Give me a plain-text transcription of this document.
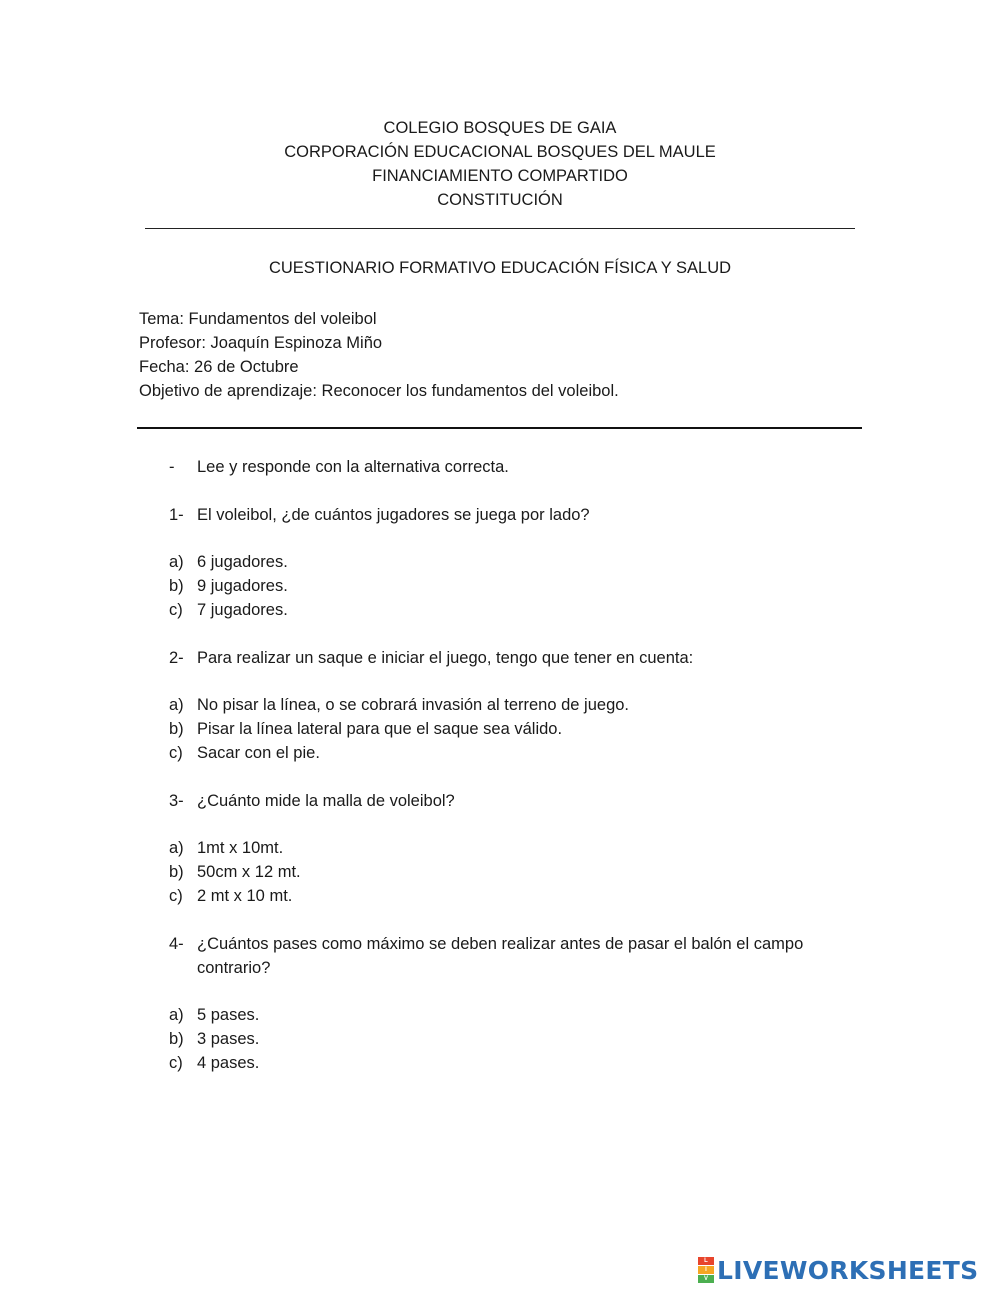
COLEGIO BOSQUES DE GAIA
CORPORACIÓN EDUCACIONAL BOSQUES DEL MAULE
FINANCIAMIENTO COMPARTIDO
CONSTITUCIÓN
CUESTIONARIO FORMATIVO EDUCACIÓN FÍSICA Y SALUD
Tema: Fundamentos del voleibol
Profesor: Joaquín Espinoza Miño
Fecha: 26 de Octubre
Objetivo de aprendizaje: Reconocer los fundamentos del voleibol.
- Lee y responde con la alternativa correcta.
1- El voleibol, ¿de cuántos jugadores se juega por lado?
a) 6 jugadores.
b) 9 jugadores.
c) 7 jugadores.
2- Para realizar un saque e iniciar el juego, tengo que tener en cuenta:
a) No pisar la línea, o se cobrará invasión al terreno de juego.
b) Pisar la línea lateral para que el saque sea válido.
c) Sacar con el pie.
3- ¿Cuánto mide la malla de voleibol?
a) 1mt x 10mt.
b) 50cm x 12 mt.
c) 2 mt x 10 mt.
4- ¿Cuántos pases como máximo se deben realizar antes de pasar el balón el campo contrario?
a) 5 pases.
b) 3 pases.
c) 4 pases.
L
I
V LIVEWORKSHEETS
